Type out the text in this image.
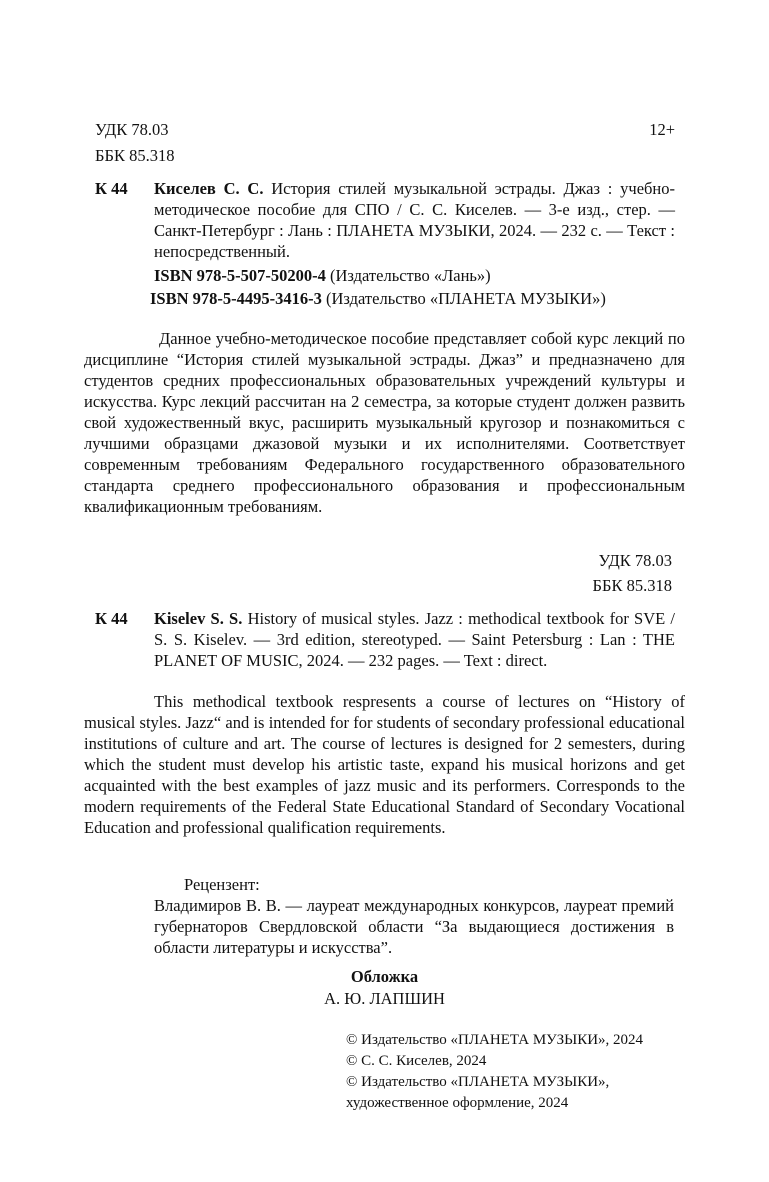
УДК 78.03
ББК 85.318
12+
К 44 Киселев С. С. История стилей музыкальной эстрады. Джаз : учебно-методическое пособие для СПО / С. С. Киселев. — 3-е изд., стер. — Санкт-Петербург : Лань : ПЛАНЕТА МУЗЫКИ, 2024. — 232 с. — Текст : непосредственный.
ISBN 978-5-507-50200-4 (Издательство «Лань»)
ISBN 978-5-4495-3416-3 (Издательство «ПЛАНЕТА МУЗЫКИ»)

Данное учебно-методическое пособие представляет собой курс лекций по дисциплине “История стилей музыкальной эстрады. Джаз” и предназначено для студентов средних профессиональных образовательных учреждений культуры и искусства. Курс лекций рассчитан на 2 семестра, за которые студент должен развить свой художественный вкус, расширить музыкальный кругозор и познакомиться с лучшими образцами джазовой музыки и их исполнителями. Соответствует современным требованиям Федерального государственного образовательного стандарта среднего профессионального образования и профессиональным квалификационным требованиям.

УДК 78.03
ББК 85.318
К 44 Kiselev S. S. History of musical styles. Jazz : methodical textbook for SVE / S. S. Kiselev. — 3rd edition, stereotyped. — Saint Petersburg : Lan : THE PLANET OF MUSIC, 2024. — 232 pages. — Text : direct.

This methodical textbook respresents a course of lectures on “History of musical styles. Jazz“ and is intended for for students of secondary professional educational institutions of culture and art. The course of lectures is designed for 2 semesters, during which the student must develop his artistic taste, expand his musical horizons and get acquainted with the best examples of jazz music and its performers. Corresponds to the modern requirements of the Federal State Educational Standard of Secondary Vocational Education and professional qualification requirements.

Рецензент:
Владимиров В. В. — лауреат международных конкурсов, лауреат премий губернаторов Свердловской области “За выдающиеся достижения в области литературы и искусства”.
Обложка
А. Ю. ЛАПШИН
© Издательство «ПЛАНЕТА МУЗЫКИ», 2024
© С. С. Киселев, 2024
© Издательство «ПЛАНЕТА МУЗЫКИ»,
художественное оформление, 2024
